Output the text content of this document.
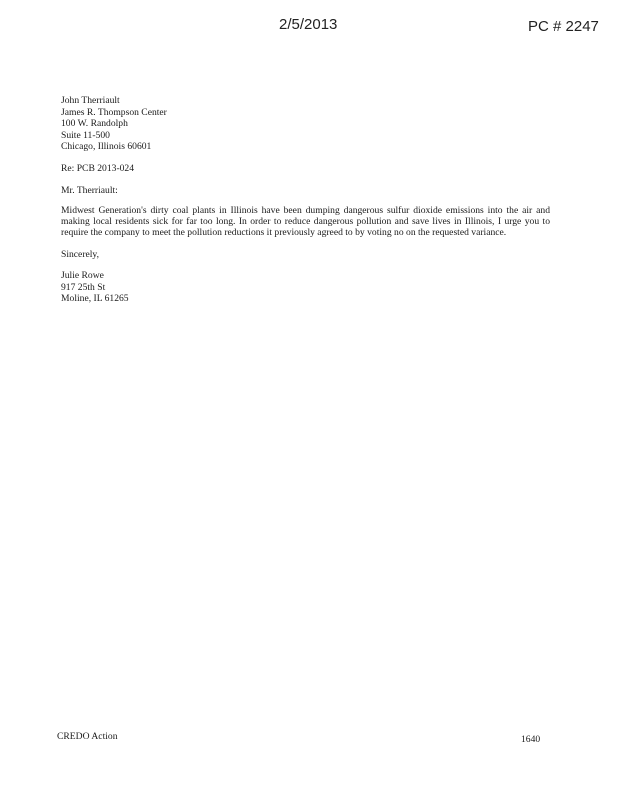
2/5/2013	PC # 2247
John Therriault
James R. Thompson Center
100 W. Randolph
Suite 11-500
Chicago, Illinois 60601
Re: PCB 2013-024
Mr. Therriault:
Midwest Generation's dirty coal plants in Illinois have been dumping dangerous sulfur dioxide emissions into the air and making local residents sick for far too long. In order to reduce dangerous pollution and save lives in Illinois, I urge you to require the company to meet the pollution reductions it previously agreed to by voting no on the requested variance.
Sincerely,
Julie Rowe
917 25th St
Moline, IL 61265
CREDO Action	1640
